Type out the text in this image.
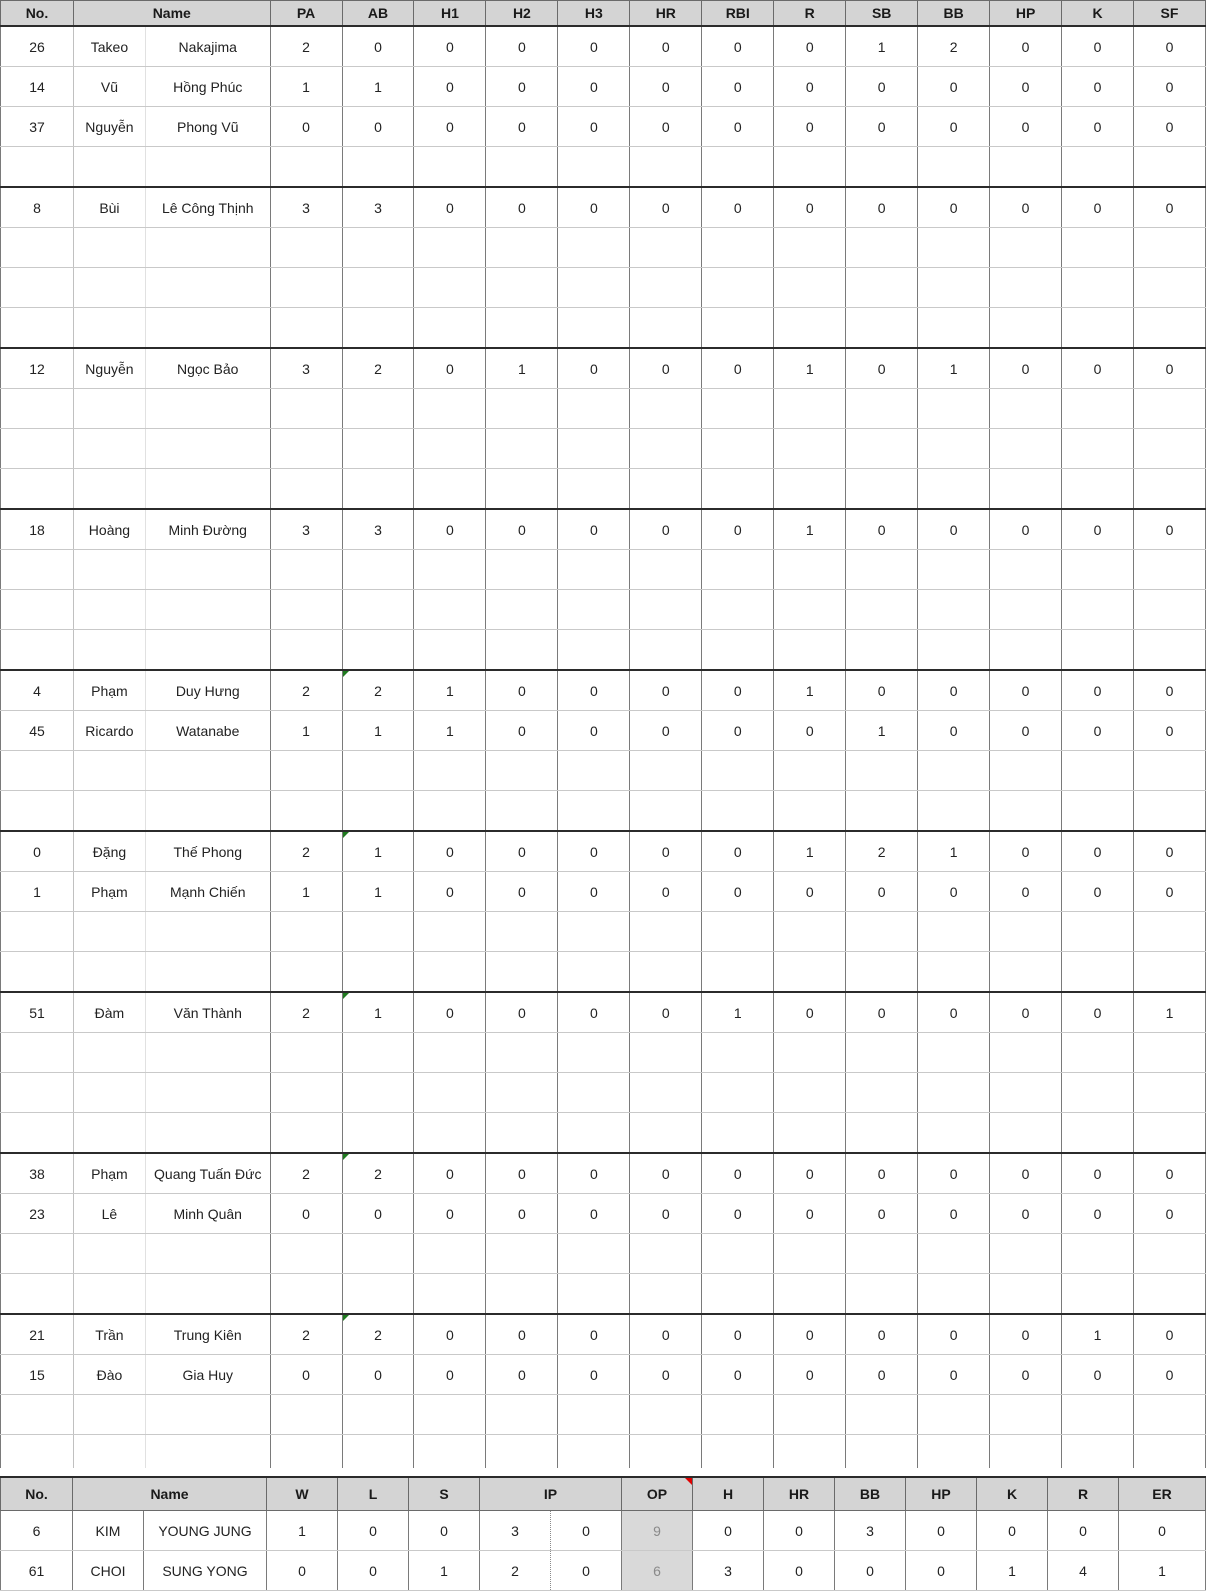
No.	Name		PA	AB	H1	H2	H3	HR	RBI	R	SB	BB	HP	K	SF
26	Takeo	Nakajima	2	0	0	0	0	0	0	0	1	2	0	0	0
14	Vũ	Hồng Phúc	1	1	0	0	0	0	0	0	0	0	0	0	0
37	Nguyễn	Phong Vũ	0	0	0	0	0	0	0	0	0	0	0	0	0

8	Bùi	Lê Công Thịnh	3	3	0	0	0	0	0	0	0	0	0	0	0

12	Nguyễn	Ngọc Bảo	3	2	0	1	0	0	0	1	0	1	0	0	0

18	Hoàng	Minh Đường	3	3	0	0	0	0	0	1	0	0	0	0	0

4	Phạm	Duy Hưng	2	2	1	0	0	0	0	1	0	0	0	0	0
45	Ricardo	Watanabe	1	1	1	0	0	0	0	0	1	0	0	0	0

0	Đặng	Thế Phong	2	1	0	0	0	0	0	1	2	1	0	0	0
1	Phạm	Mạnh Chiến	1	1	0	0	0	0	0	0	0	0	0	0	0

51	Đàm	Văn Thành	2	1	0	0	0	0	1	0	0	0	0	0	1

38	Phạm	Quang Tuấn Đức	2	2	0	0	0	0	0	0	0	0	0	0	0
23	Lê	Minh Quân	0	0	0	0	0	0	0	0	0	0	0	0	0

21	Trần	Trung Kiên	2	2	0	0	0	0	0	0	0	0	0	1	0
15	Đào	Gia Huy	0	0	0	0	0	0	0	0	0	0	0	0	0

No.	Name		W	L	S	IP		OP	H	HR	BB	HP	K	R	ER
6	KIM	YOUNG JUNG	1	0	0	3	0	9	0	0	3	0	0	0	0
61	CHOI	SUNG YONG	0	0	1	2	0	6	3	0	0	0	1	4	1
